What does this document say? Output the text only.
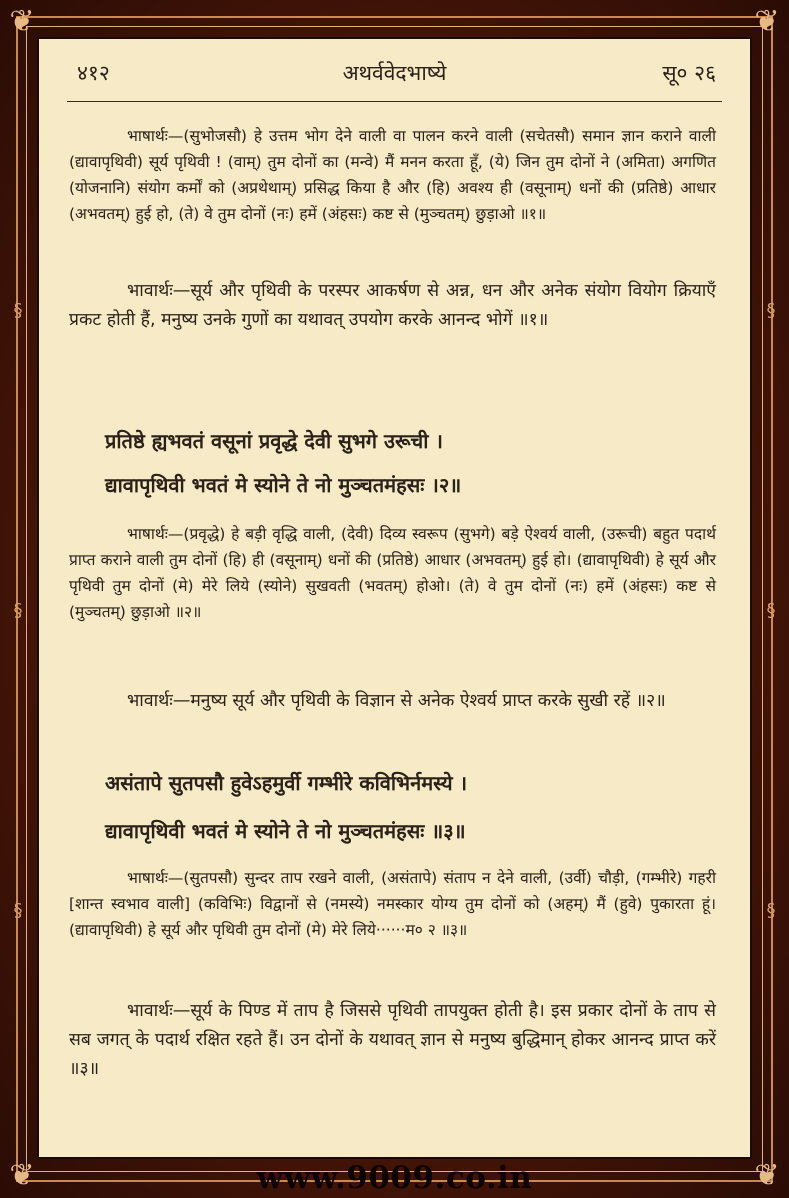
❦	❦
❦	❦
§
§
§
§
§
§
४१२	अथर्ववेदभाष्ये	सू० २६
भाषार्थः—(सुभोजसौ) हे उत्तम भोग देने वाली वा पालन करने वाली (सचेतसौ) समान ज्ञान कराने वाली (द्यावापृथिवी) सूर्य पृथिवी ! (वाम्) तुम दोनों का (मन्वे) मैं मनन करता हूँ, (ये) जिन तुम दोनों ने (अमिता) अगणित (योजनानि) संयोग कर्मों को (अप्रथेथाम्) प्रसिद्ध किया है और (हि) अवश्य ही (वसूनाम्) धनों की (प्रतिष्ठे) आधार (अभवतम्) हुई हो, (ते) वे तुम दोनों (नः) हमें (अंहसः) कष्ट से (मुञ्चतम्) छुड़ाओ ॥१॥
भावार्थः—सूर्य और पृथिवी के परस्पर आकर्षण से अन्न, धन और अनेक संयोग वियोग क्रियाएँ प्रकट होती हैं, मनुष्य उनके गुणों का यथावत् उपयोग करके आनन्द भोगें ॥१॥
प्रतिष्ठे ह्यभवतं वसूनां प्रवृद्धे देवी सुभगे उरूची ।
द्यावापृथिवी भवतं मे स्योने ते नो मुञ्चतमंहसः ।२॥
भाषार्थः—(प्रवृद्धे) हे बड़ी वृद्धि वाली, (देवी) दिव्य स्वरूप (सुभगे) बड़े ऐश्वर्य वाली, (उरूची) बहुत पदार्थ प्राप्त कराने वाली तुम दोनों (हि) ही (वसूनाम्) धनों की (प्रतिष्ठे) आधार (अभवतम्) हुई हो। (द्यावापृथिवी) हे सूर्य और पृथिवी तुम दोनों (मे) मेरे लिये (स्योने) सुखवती (भवतम्) होओ। (ते) वे तुम दोनों (नः) हमें (अंहसः) कष्ट से (मुञ्चतम्) छुड़ाओ ॥२॥
भावार्थः—मनुष्य सूर्य और पृथिवी के विज्ञान से अनेक ऐश्वर्य प्राप्त करके सुखी रहें ॥२॥
असंतापे सुतपसौ हुवेऽहमुर्वी गम्भीरे कविभिर्नमस्ये ।
द्यावापृथिवी भवतं मे स्योने ते नो मुञ्चतमंहसः ॥३॥
भाषार्थः—(सुतपसौ) सुन्दर ताप रखने वाली, (असंतापे) संताप न देने वाली, (उर्वी) चौड़ी, (गम्भीरे) गहरी [शान्त स्वभाव वाली] (कविभिः) विद्वानों से (नमस्ये) नमस्कार योग्य तुम दोनों को (अहम्) मैं (हुवे) पुकारता हूं। (द्यावापृथिवी) हे सूर्य और पृथिवी तुम दोनों (मे) मेरे लिये······म० २ ॥३॥
भावार्थः—सूर्य के पिण्ड में ताप है जिससे पृथिवी तापयुक्त होती है। इस प्रकार दोनों के ताप से सब जगत् के पदार्थ रक्षित रहते हैं। उन दोनों के यथावत् ज्ञान से मनुष्य बुद्धिमान् होकर आनन्द प्राप्त करें ॥३॥
www.9009.co.in
